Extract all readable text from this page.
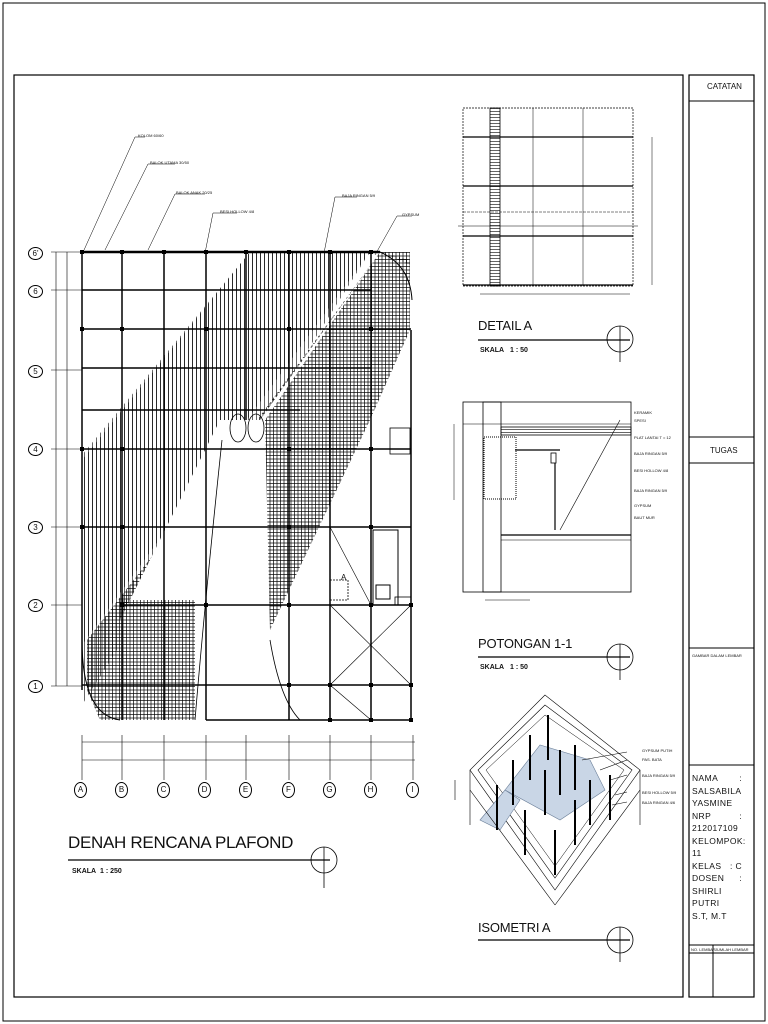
DENAH RENCANA PLAFOND
SKALA 1 : 250
KOLOM 60/60
BALOK UTAMA 30/50
BALOK ANAK 20/25
BESI HOLLOW 4/8
BAJA RINGAN 5/9
GYPSUM
A
A	B	C	D	E	F	G	H	I
6'
6
5
4
3
2
1
DETAIL A
SKALA 1 : 50
POTONGAN 1-1
SKALA 1 : 50
KERAMIK
SPESI
PLAT LANTAI T = 12
BAJA RINGAN 5/9
BESI HOLLOW 4/8
BAJA RINGAN 5/9
GYPSUM
BAUT MUR
ISOMETRI A
GYPSUM PUTIH
PAS. BATA
BAJA RINGAN 5/9
BESI HOLLOW 5/9
BAJA RINGAN 4/6
CATATAN
TUGAS
GAMBAR DALAM LEMBAR
NAMA :
SALSABILA
YASMINE
NRP	:
212017109
KELOMPOK: 11
KELAS : C
DOSEN :
SHIRLI PUTRI
S.T, M.T
NO. LEMBAR JUMLAH LEMBAR
